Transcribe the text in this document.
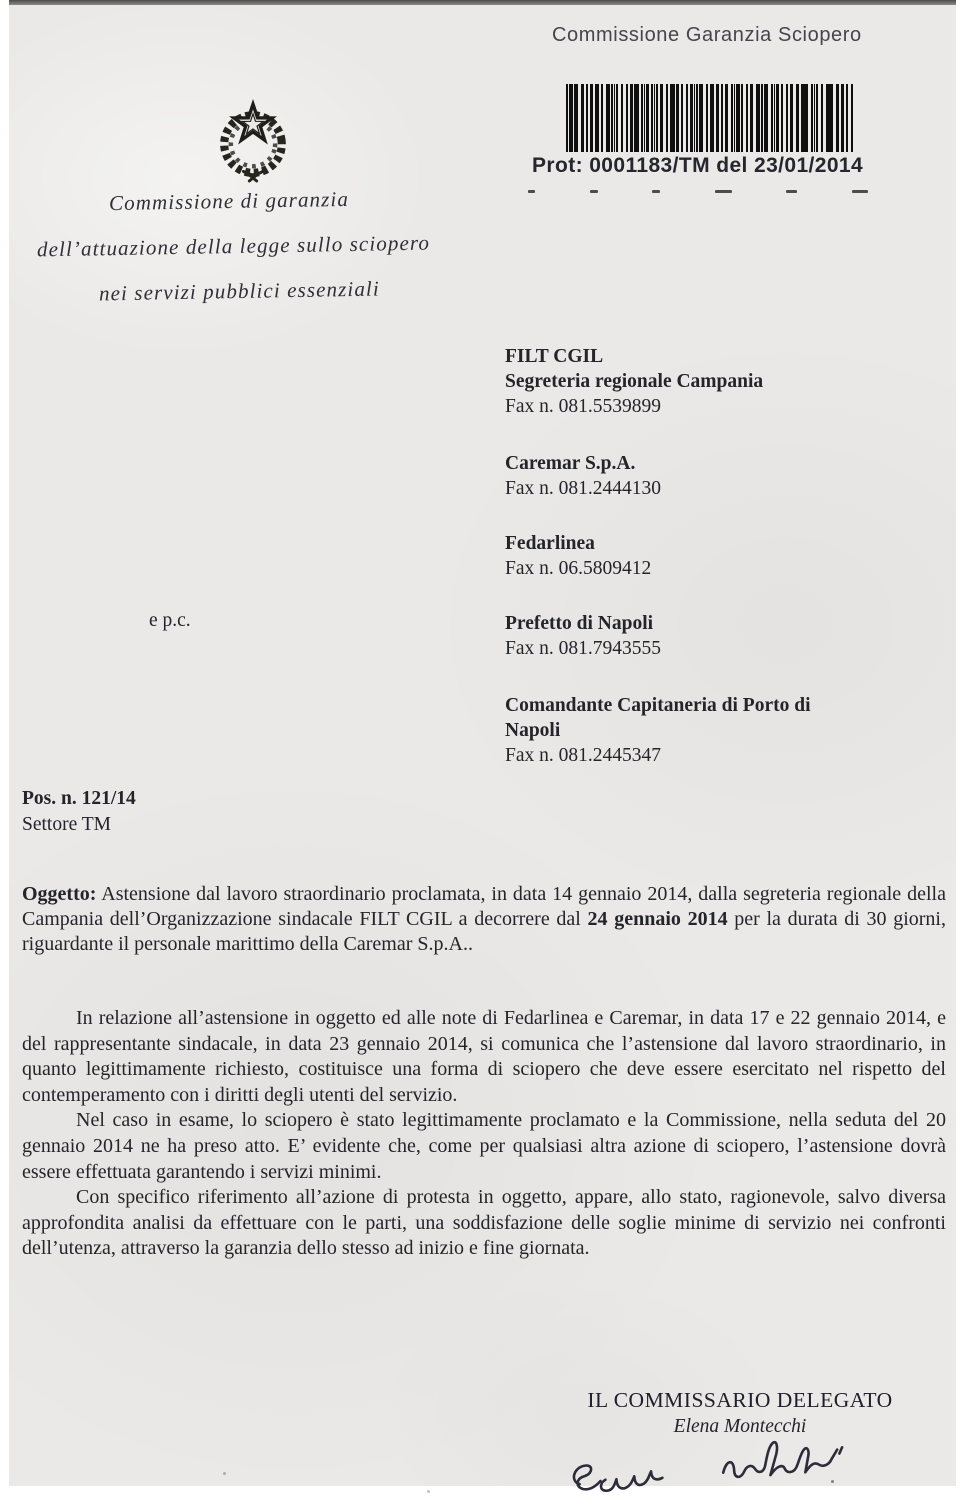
Commissione Garanzia Sciopero
Prot: 0001183/TM del 23/01/2014
Commissione di garanzia
dell’attuazione della legge sullo sciopero
nei servizi pubblici essenziali
FILT CGIL
Segreteria regionale Campania
Fax n. 081.5539899
Caremar S.p.A.
Fax n. 081.2444130
Fedarlinea
Fax n. 06.5809412
e p.c.	Prefetto di Napoli
Fax n. 081.7943555
Comandante Capitaneria di Porto di Napoli
Fax n. 081.2445347
Pos. n. 121/14
Settore TM
Oggetto: Astensione dal lavoro straordinario proclamata, in data 14 gennaio 2014, dalla segreteria regionale della Campania dell’Organizzazione sindacale FILT CGIL a decorrere dal 24 gennaio 2014 per la durata di 30 giorni, riguardante il personale marittimo della Caremar S.p.A..

In relazione all’astensione in oggetto ed alle note di Fedarlinea e Caremar, in data 17 e 22 gennaio 2014, e del rappresentante sindacale, in data 23 gennaio 2014, si comunica che l’astensione dal lavoro straordinario, in quanto legittimamente richiesto, costituisce una forma di sciopero che deve essere esercitato nel rispetto del contemperamento con i diritti degli utenti del servizio.

Nel caso in esame, lo sciopero è stato legittimamente proclamato e la Commissione, nella seduta del 20 gennaio 2014 ne ha preso atto. E’ evidente che, come per qualsiasi altra azione di sciopero, l’astensione dovrà essere effettuata garantendo i servizi minimi.

Con specifico riferimento all’azione di protesta in oggetto, appare, allo stato, ragionevole, salvo diversa approfondita analisi da effettuare con le parti, una soddisfazione delle soglie minime di servizio nei confronti dell’utenza, attraverso la garanzia dello stesso ad inizio e fine giornata.

IL COMMISSARIO DELEGATO
Elena Montecchi
